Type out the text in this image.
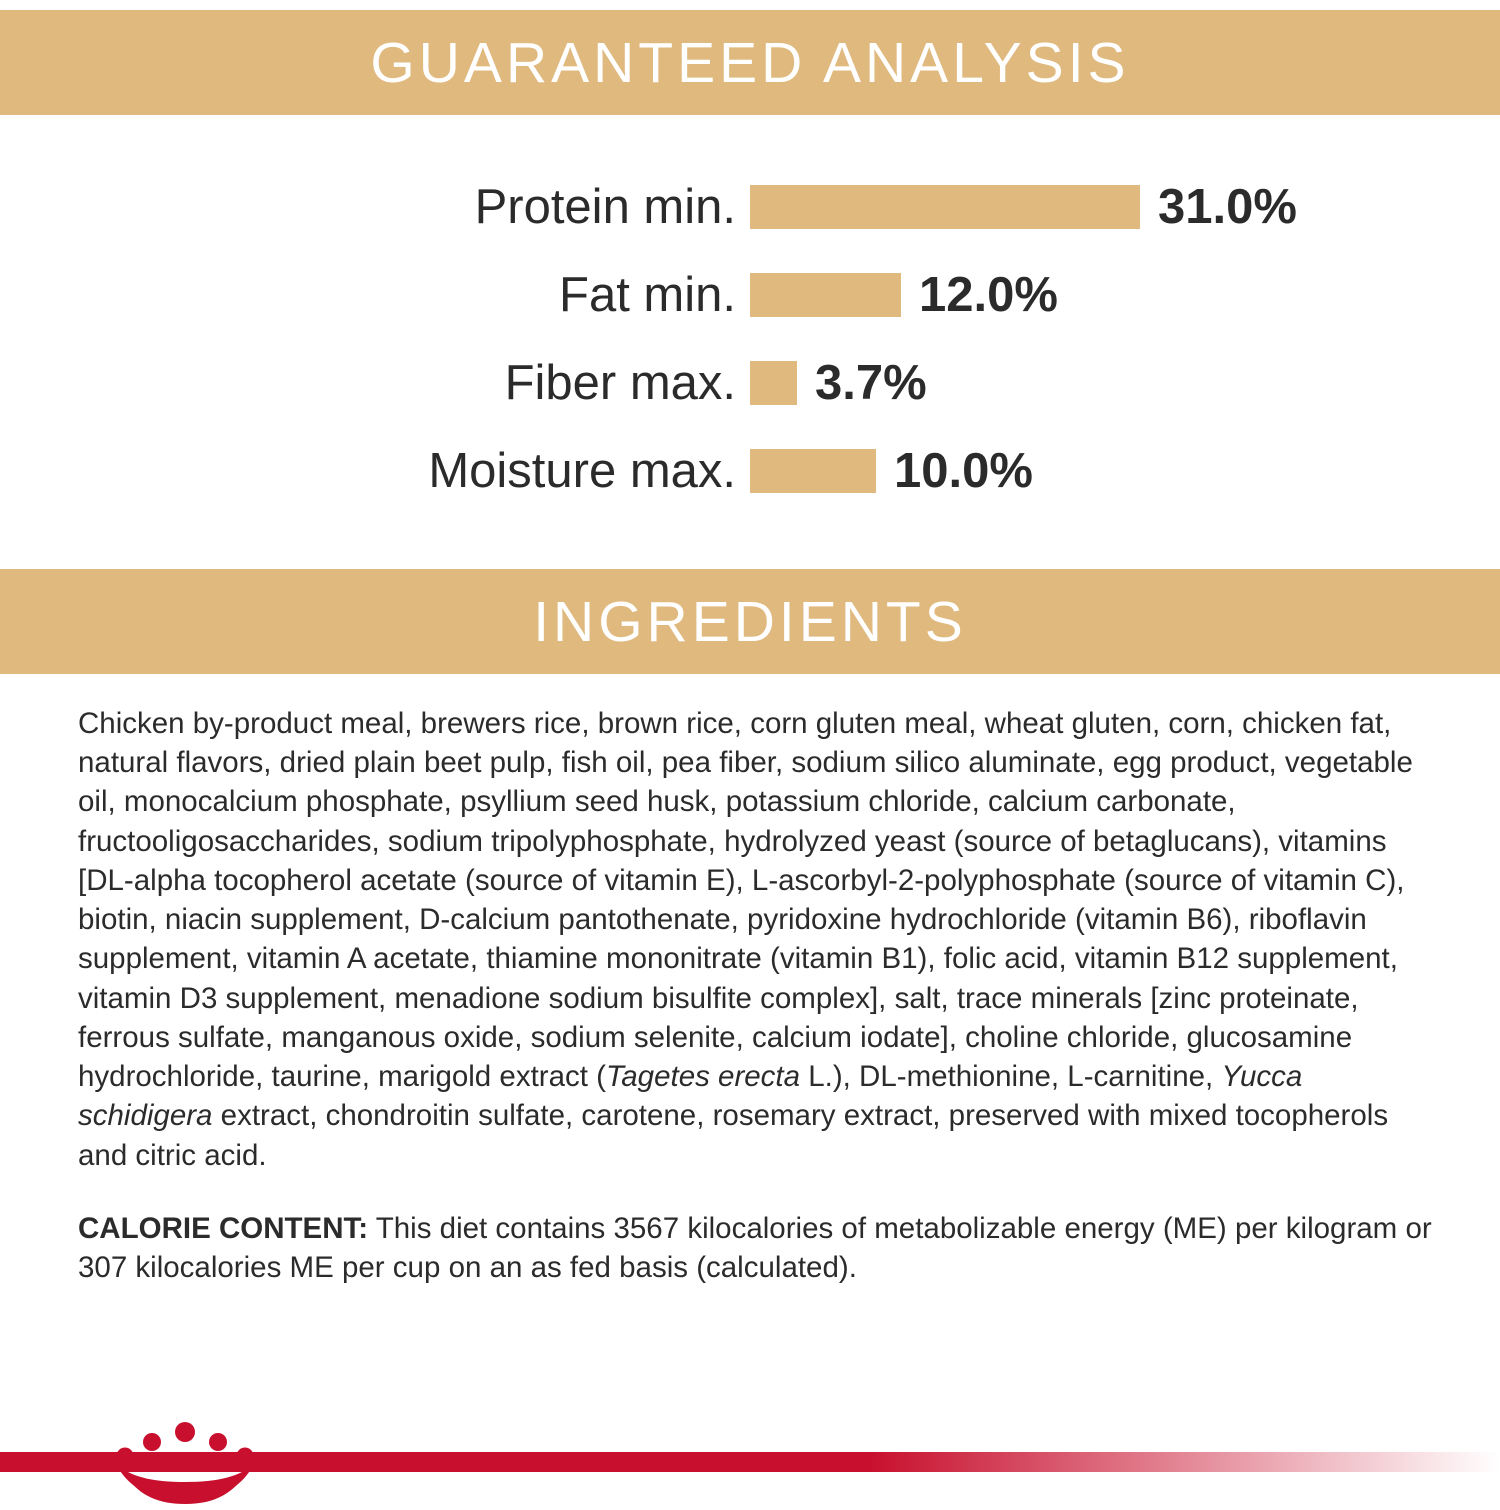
GUARANTEED ANALYSIS
Protein min.	31.0%
Fat min.	12.0%
Fiber max.	3.7%
Moisture max.	10.0%
INGREDIENTS
Chicken by-product meal, brewers rice, brown rice, corn gluten meal, wheat gluten, corn, chicken fat, natural flavors, dried plain beet pulp, fish oil, pea fiber, sodium silico aluminate, egg product, vegetable oil, monocalcium phosphate, psyllium seed husk, potassium chloride, calcium carbonate, fructooligosaccharides, sodium tripolyphosphate, hydrolyzed yeast (source of betaglucans), vitamins [DL-alpha tocopherol acetate (source of vitamin E), L-ascorbyl-2-polyphosphate (source of vitamin C), biotin, niacin supplement, D-calcium pantothenate, pyridoxine hydrochloride (vitamin B6), riboflavin supplement, vitamin A acetate, thiamine mononitrate (vitamin B1), folic acid, vitamin B12 supplement, vitamin D3 supplement, menadione sodium bisulfite complex], salt, trace minerals [zinc proteinate, ferrous sulfate, manganous oxide, sodium selenite, calcium iodate], choline chloride, glucosamine hydrochloride, taurine, marigold extract (Tagetes erecta L.), DL-methionine, L-carnitine, Yucca schidigera extract, chondroitin sulfate, carotene, rosemary extract, preserved with mixed tocopherols and citric acid.
CALORIE CONTENT: This diet contains 3567 kilocalories of metabolizable energy (ME) per kilogram or 307 kilocalories ME per cup on an as fed basis (calculated).
